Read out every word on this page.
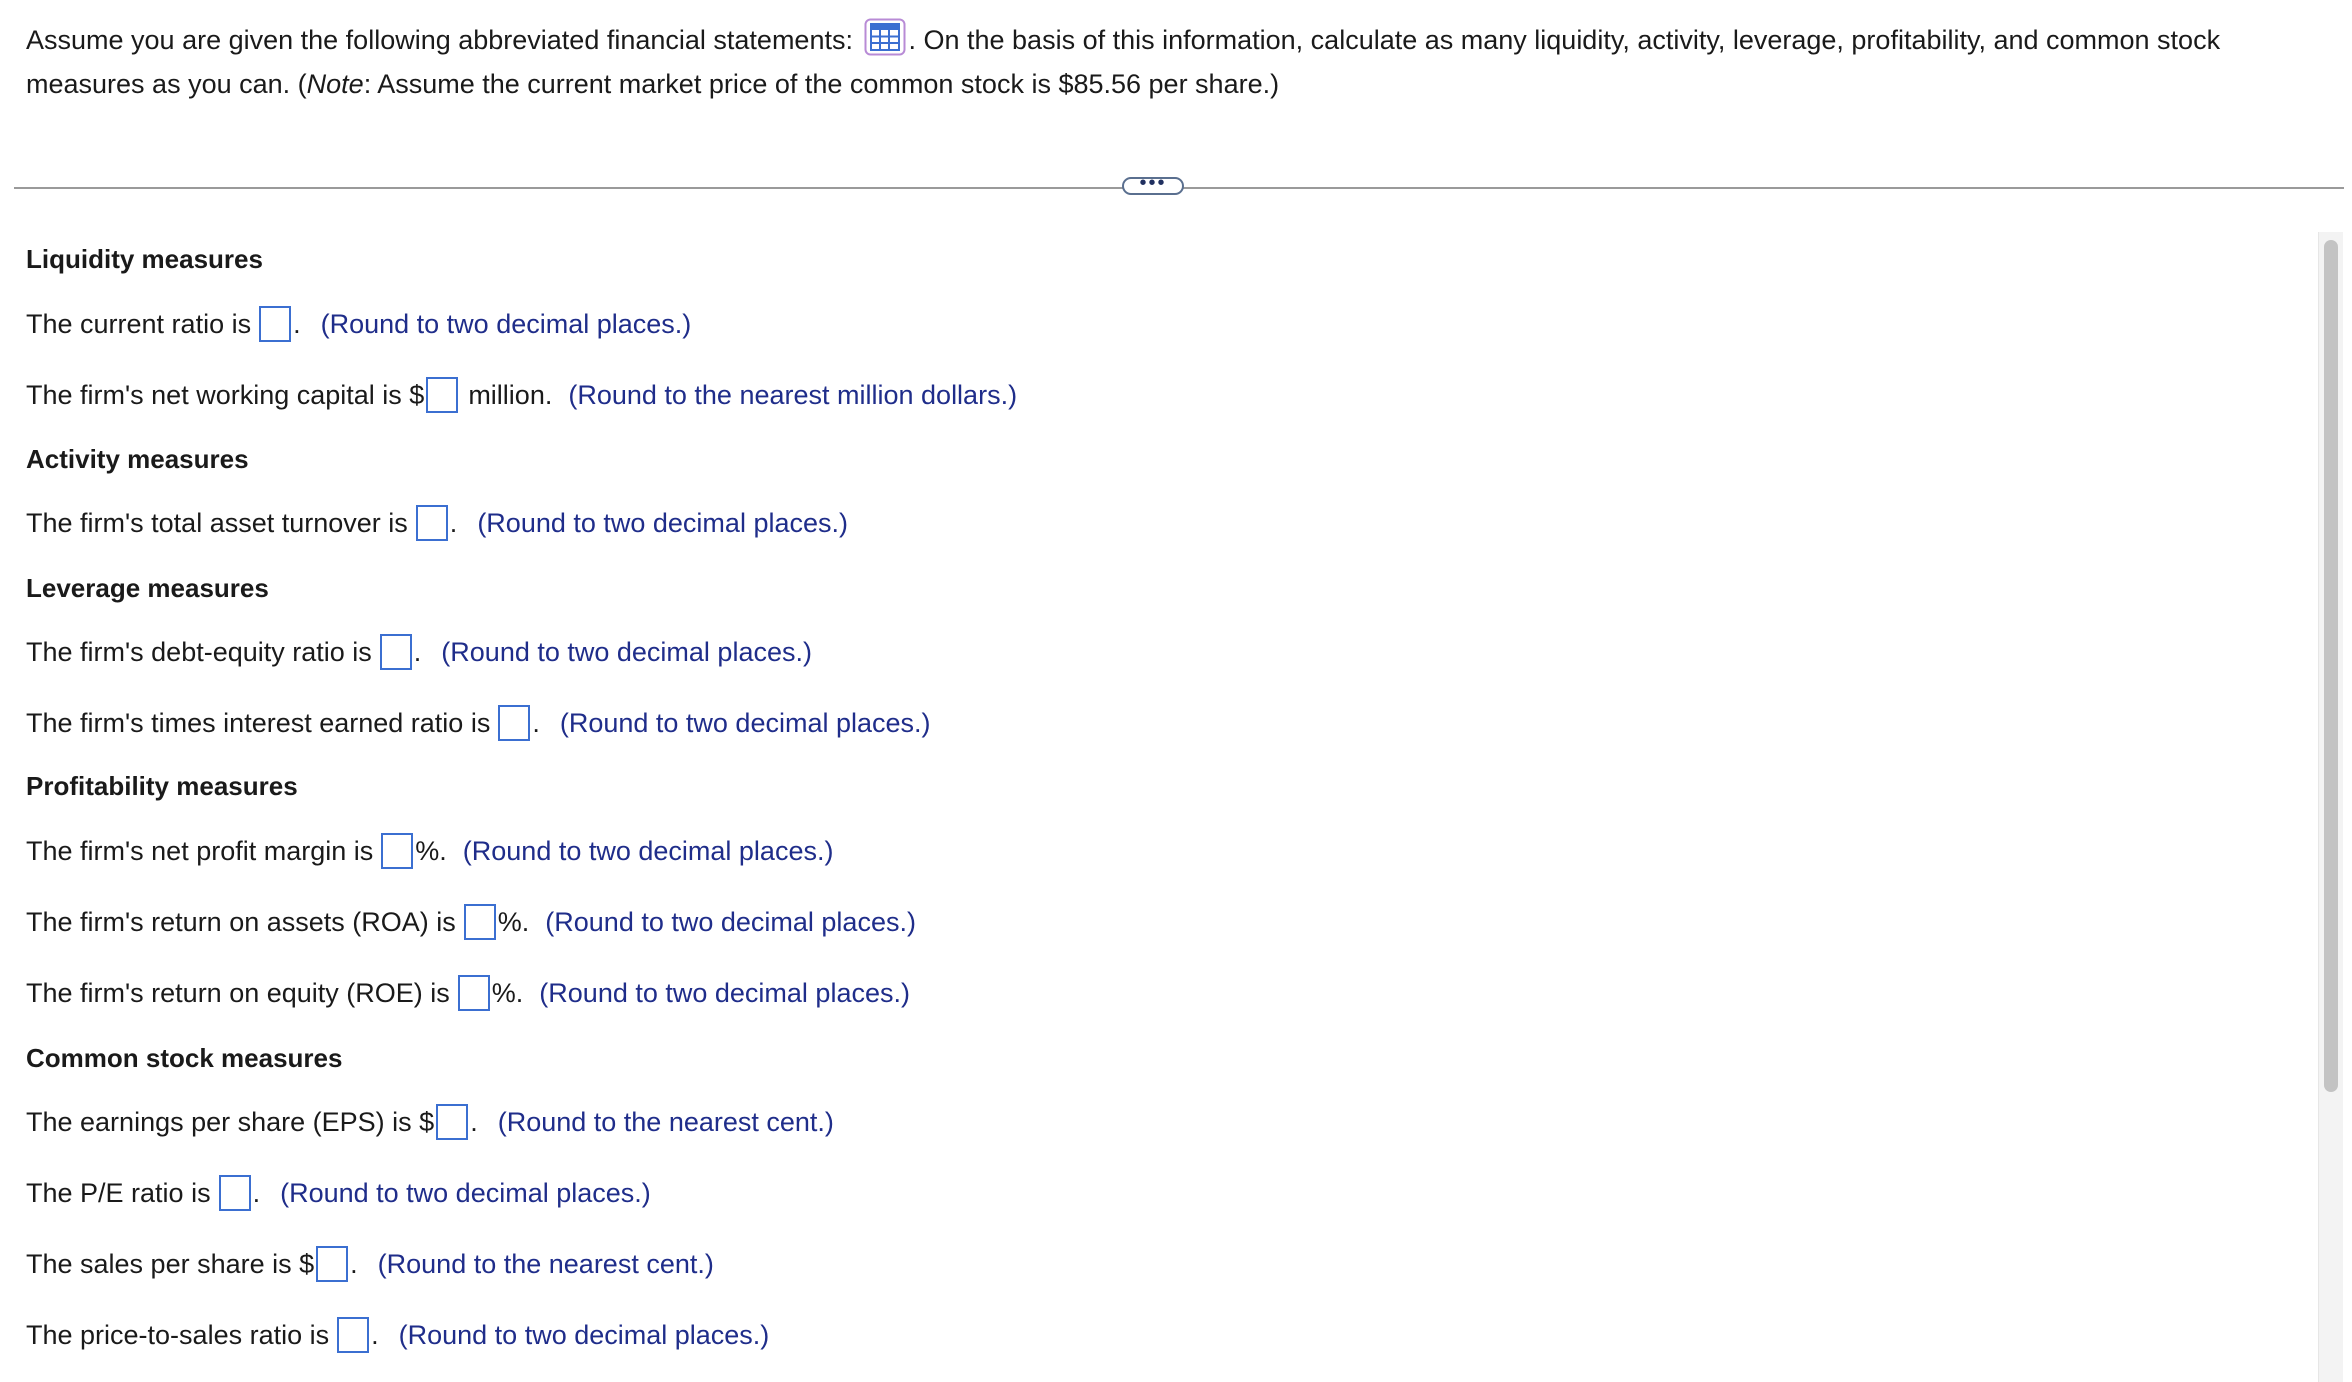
Assume you are given the following abbreviated financial statements: . On the basis of this information, calculate as many liquidity, activity, leverage, profitability, and common stock measures as you can. (Note: Assume the current market price of the common stock is $85.56 per share.)
•••
Liquidity measures
The current ratio is . (Round to two decimal places.)
The firm's net working capital is $ million. (Round to the nearest million dollars.)
Activity measures
The firm's total asset turnover is . (Round to two decimal places.)
Leverage measures
The firm's debt-equity ratio is . (Round to two decimal places.)
The firm's times interest earned ratio is . (Round to two decimal places.)
Profitability measures
The firm's net profit margin is %. (Round to two decimal places.)
The firm's return on assets (ROA) is %. (Round to two decimal places.)
The firm's return on equity (ROE) is %. (Round to two decimal places.)
Common stock measures
The earnings per share (EPS) is $ . (Round to the nearest cent.)
The P/E ratio is . (Round to two decimal places.)
The sales per share is $ . (Round to the nearest cent.)
The price-to-sales ratio is . (Round to two decimal places.)
